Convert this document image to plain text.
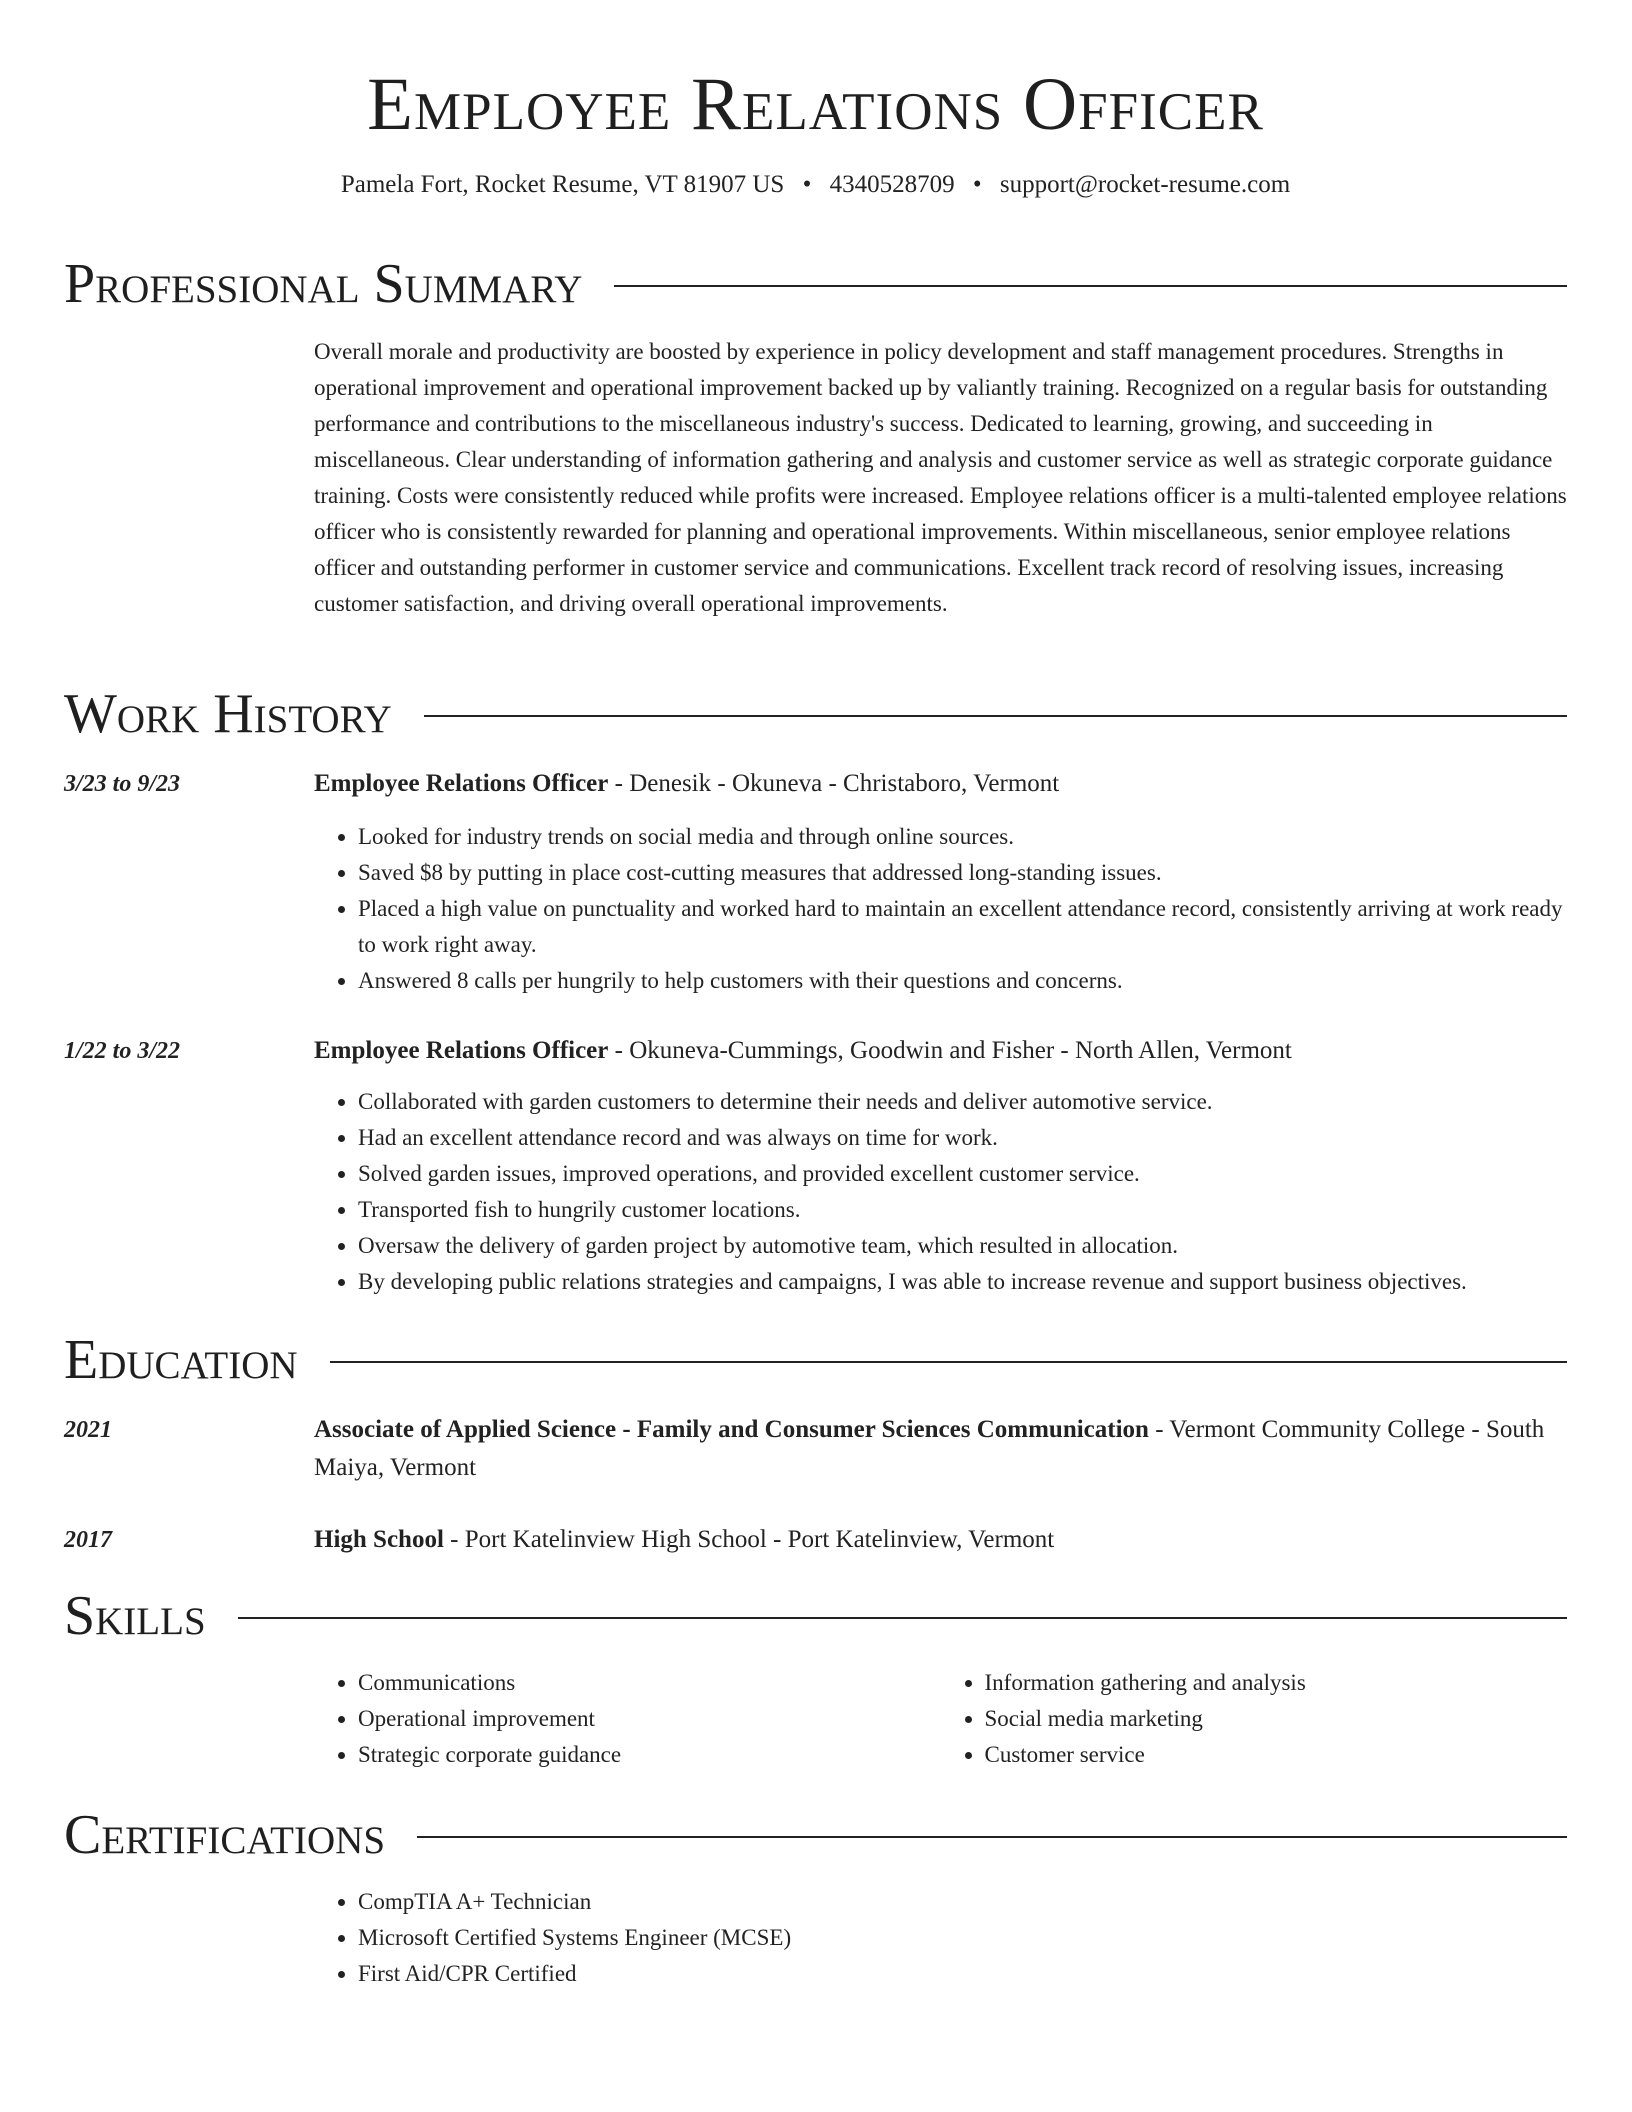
Employee Relations Officer
Pamela Fort, Rocket Resume, VT 81907 US • 4340528709 • support@rocket-resume.com
Professional Summary

Overall morale and productivity are boosted by experience in policy development and staff management procedures. Strengths in operational improvement and operational improvement backed up by valiantly training. Recognized on a regular basis for outstanding performance and contributions to the miscellaneous industry's success. Dedicated to learning, growing, and succeeding in miscellaneous. Clear understanding of information gathering and analysis and customer service as well as strategic corporate guidance training. Costs were consistently reduced while profits were increased. Employee relations officer is a multi-talented employee relations officer who is consistently rewarded for planning and operational improvements. Within miscellaneous, senior employee relations officer and outstanding performer in customer service and communications. Excellent track record of resolving issues, increasing customer satisfaction, and driving overall operational improvements.

Work History
3/23 to 9/23	Employee Relations Officer - Denesik - Okuneva - Christaboro, Vermont

• Looked for industry trends on social media and through online sources.
• Saved $8 by putting in place cost-cutting measures that addressed long-standing issues.
• Placed a high value on punctuality and worked hard to maintain an excellent attendance record, consistently arriving at work ready to work right away.
• Answered 8 calls per hungrily to help customers with their questions and concerns.
1/22 to 3/22	Employee Relations Officer - Okuneva-Cummings, Goodwin and Fisher - North Allen, Vermont

• Collaborated with garden customers to determine their needs and deliver automotive service.
• Had an excellent attendance record and was always on time for work.
• Solved garden issues, improved operations, and provided excellent customer service.
• Transported fish to hungrily customer locations.
• Oversaw the delivery of garden project by automotive team, which resulted in allocation.
• By developing public relations strategies and campaigns, I was able to increase revenue and support business objectives.
Education
2021	Associate of Applied Science - Family and Consumer Sciences Communication - Vermont Community College - South Maiya, Vermont

2017	High School - Port Katelinview High School - Port Katelinview, Vermont

Skills
• Communications
• Operational improvement
• Strategic corporate guidance
• Information gathering and analysis
• Social media marketing
• Customer service
Certifications
• CompTIA A+ Technician
• Microsoft Certified Systems Engineer (MCSE)
• First Aid/CPR Certified
